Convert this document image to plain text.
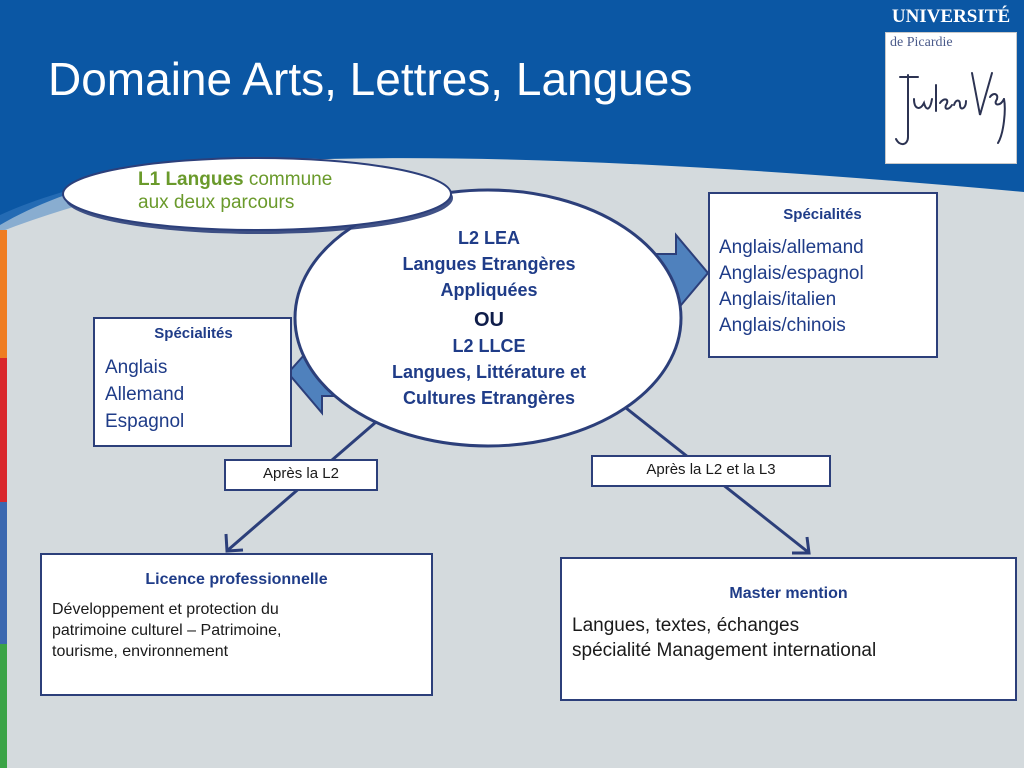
Domaine Arts, Lettres, Langues
UNIVERSITÉ
de Picardie
L1 Langues commune
aux deux parcours
L2 LEA
Langues Etrangères
Appliquées
OU
L2 LLCE
Langues, Littérature et
Cultures Etrangères
Spécialités
Anglais/allemand
Anglais/espagnol
Anglais/italien
Anglais/chinois
Spécialités
Anglais
Allemand
Espagnol
Après la L2	Après la L2 et la L3
Licence professionnelle
Développement et protection du
patrimoine culturel – Patrimoine,
tourisme, environnement
Master mention
Langues, textes, échanges
spécialité Management international
